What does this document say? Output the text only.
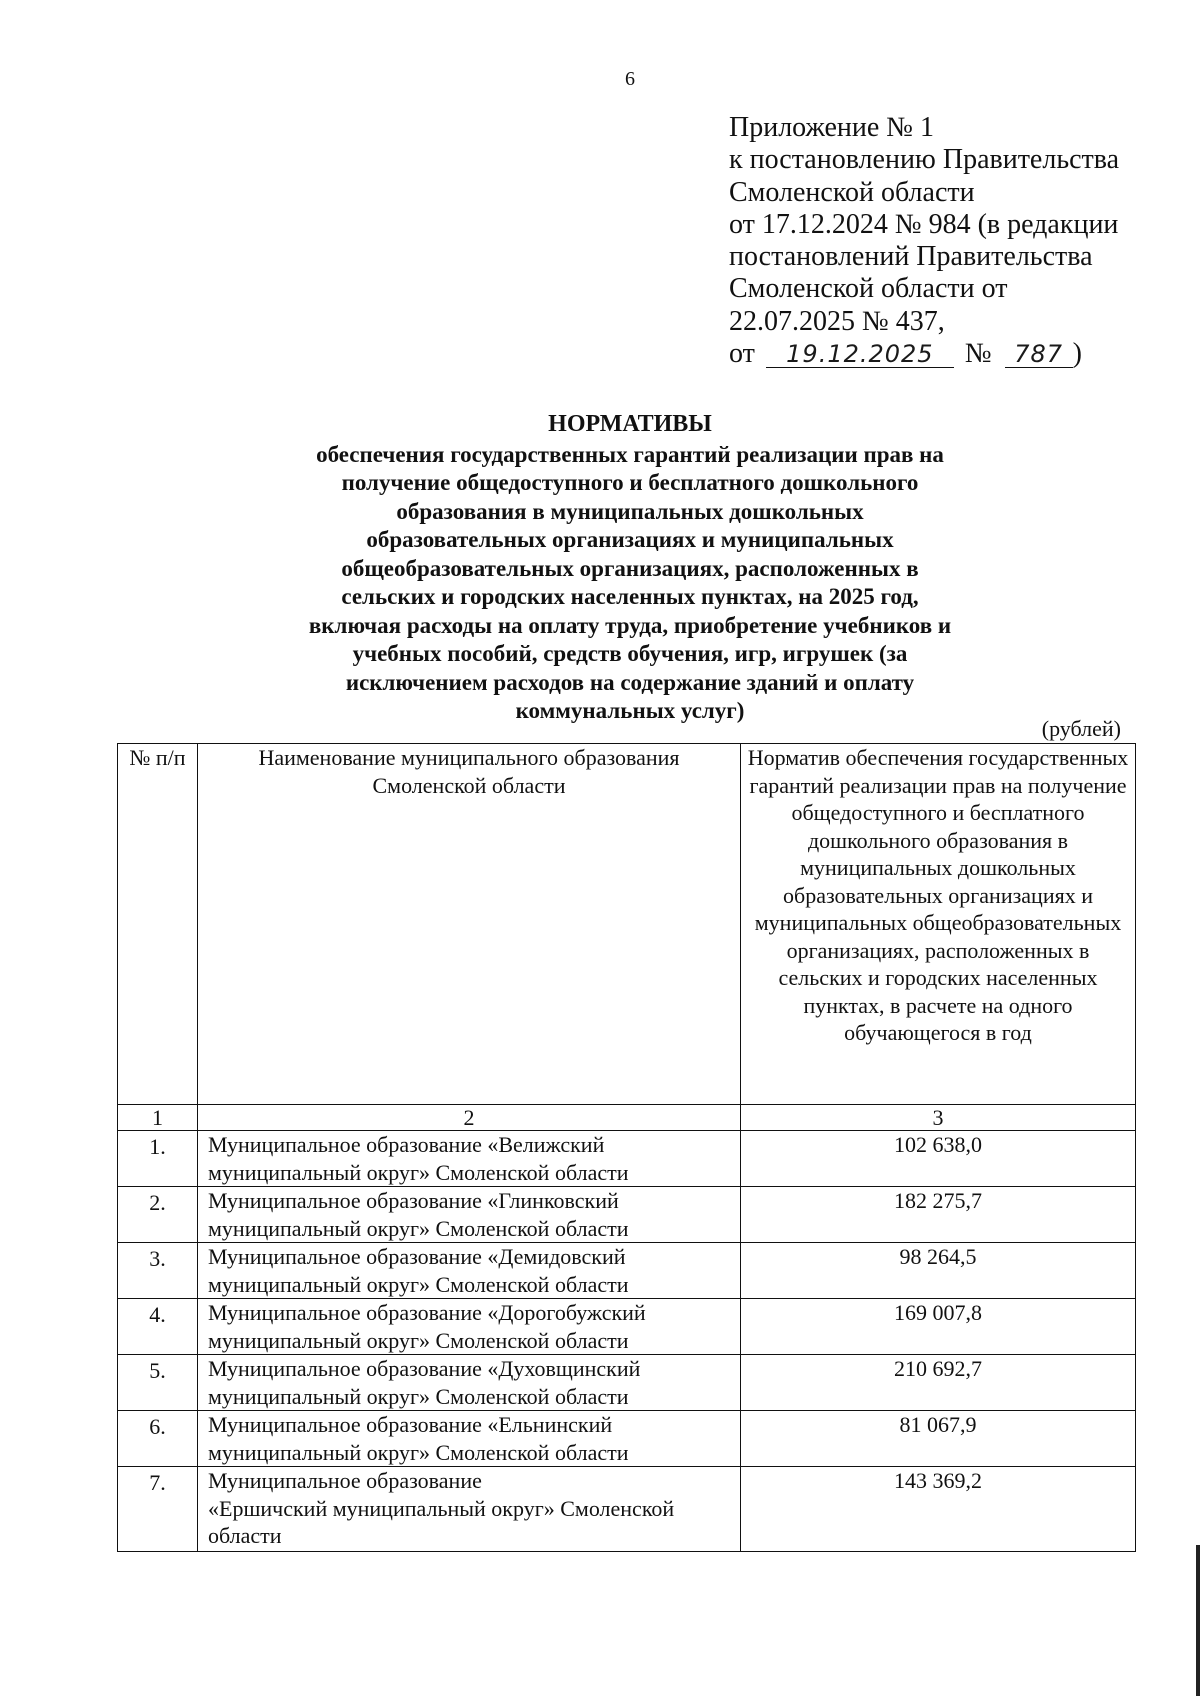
6
Приложение № 1
к постановлению Правительства
Смоленской области
от 17.12.2024 № 984 (в редакции
постановлений Правительства
Смоленской области от
22.07.2025 № 437,
от 19.12.2025 № 787 )
НОРМАТИВЫ
обеспечения государственных гарантий реализации прав на
получение общедоступного и бесплатного дошкольного
образования в муниципальных дошкольных
образовательных организациях и муниципальных
общеобразовательных организациях, расположенных в
сельских и городских населенных пунктах, на 2025 год,
включая расходы на оплату труда, приобретение учебников и
учебных пособий, средств обучения, игр, игрушек (за
исключением расходов на содержание зданий и оплату
коммунальных услуг)
(рублей)
№ п/п	Наименование муниципального образования Смоленской области	Норматив обеспечения государственных гарантий реализации прав на получение общедоступного и бесплатного дошкольного образования в муниципальных дошкольных образовательных организациях и муниципальных общеобразовательных организациях, расположенных в сельских и городских населенных пунктах, в расчете на одного обучающегося в год
1	2	3
1.	Муниципальное образование «Велижский муниципальный округ» Смоленской области	102 638,0
2.	Муниципальное образование «Глинковский муниципальный округ» Смоленской области	182 275,7
3.	Муниципальное образование «Демидовский муниципальный округ» Смоленской области	98 264,5
4.	Муниципальное образование «Дорогобужский муниципальный округ» Смоленской области	169 007,8
5.	Муниципальное образование «Духовщинский муниципальный округ» Смоленской области	210 692,7
6.	Муниципальное образование «Ельнинский муниципальный округ» Смоленской области	81 067,9
7.	Муниципальное образование
«Ершичский муниципальный округ» Смоленской области	143 369,2
